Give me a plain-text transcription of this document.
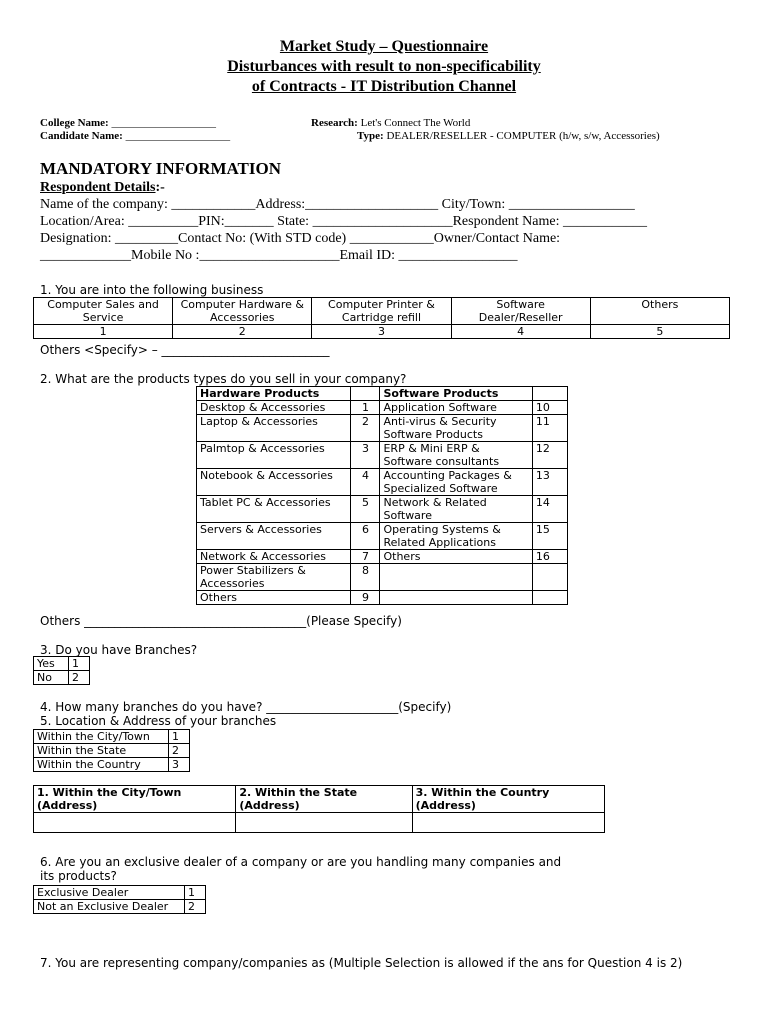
Market Study – Questionnaire
Disturbances with result to non-specificability
of Contracts - IT Distribution Channel
College Name: ___________________
Candidate Name: ___________________
Research: Let's Connect The World
Type: DEALER/RESELLER - COMPUTER (h/w, s/w, Accessories)
MANDATORY INFORMATION
Respondent Details:-
Name of the company: ____________Address:___________________ City/Town: __________________
Location/Area: __________PIN:_______ State: ____________________Respondent Name: ____________
Designation: _________Contact No: (With STD code) ____________Owner/Contact Name:
_____________Mobile No :____________________Email ID: _________________
1. You are into the following business
Computer Sales and Service	Computer Hardware & Accessories	Computer Printer & Cartridge refill	Software Dealer/Reseller	Others
1	2	3	4	5
Others <Specify> – ____________________________
2. What are the products types do you sell in your company?
Hardware Products		Software Products	
Desktop & Accessories	1	Application Software	10
Laptop & Accessories	2	Anti-virus & Security Software Products	11
Palmtop & Accessories	3	ERP & Mini ERP & Software consultants	12
Notebook & Accessories	4	Accounting Packages & Specialized Software	13
Tablet PC & Accessories	5	Network & Related Software	14
Servers & Accessories	6	Operating Systems & Related Applications	15
Network & Accessories	7	Others	16
Power Stabilizers & Accessories	8		
Others	9		
Others _____________________________________(Please Specify)
3. Do you have Branches?
Yes	1
No	2
4. How many branches do you have? ______________________(Specify)
5. Location & Address of your branches
Within the City/Town	1
Within the State	2
Within the Country	3
1. Within the City/Town (Address)	2. Within the State (Address)	3. Within the Country (Address)

6. Are you an exclusive dealer of a company or are you handling many companies and
its products?
Exclusive Dealer	1
Not an Exclusive Dealer	2
7. You are representing company/companies as (Multiple Selection is allowed if the ans for Question 4 is 2)
